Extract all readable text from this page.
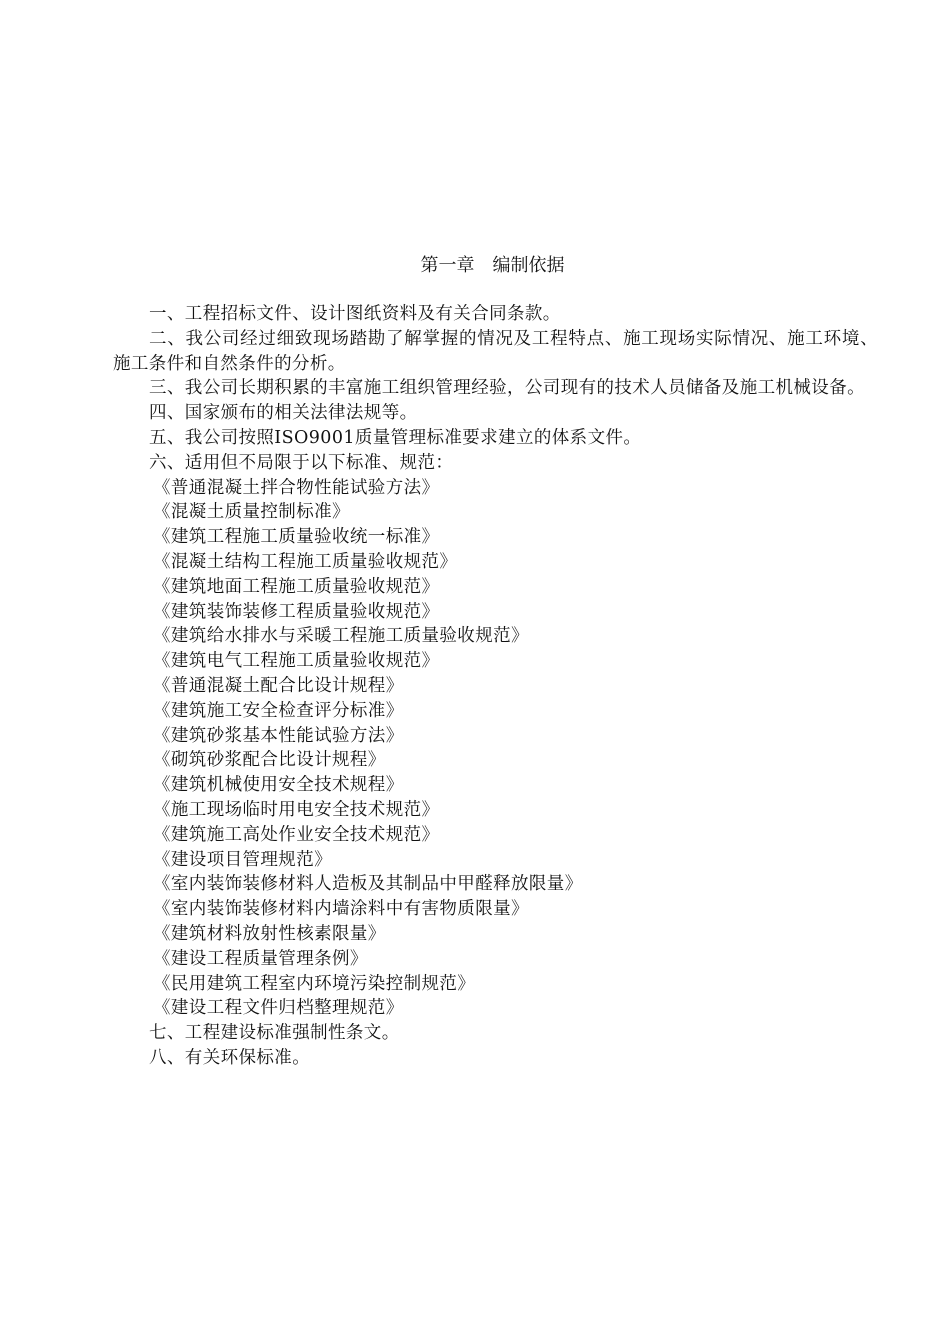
第一章　编制依据

一、工程招标文件、设计图纸资料及有关合同条款。

二、我公司经过细致现场踏勘了解掌握的情况及工程特点、施工现场实际情况、施工环境、施工条件和自然条件的分析。

三、我公司长期积累的丰富施工组织管理经验，公司现有的技术人员储备及施工机械设备。

四、国家颁布的相关法律法规等。

五、我公司按照ISO9001质量管理标准要求建立的体系文件。

六、适用但不局限于以下标准、规范：

《普通混凝土拌合物性能试验方法》

《混凝土质量控制标准》

《建筑工程施工质量验收统一标准》

《混凝土结构工程施工质量验收规范》

《建筑地面工程施工质量验收规范》

《建筑装饰装修工程质量验收规范》

《建筑给水排水与采暖工程施工质量验收规范》

《建筑电气工程施工质量验收规范》

《普通混凝土配合比设计规程》

《建筑施工安全检查评分标准》

《建筑砂浆基本性能试验方法》

《砌筑砂浆配合比设计规程》

《建筑机械使用安全技术规程》

《施工现场临时用电安全技术规范》

《建筑施工高处作业安全技术规范》

《建设项目管理规范》

《室内装饰装修材料人造板及其制品中甲醛释放限量》

《室内装饰装修材料内墙涂料中有害物质限量》

《建筑材料放射性核素限量》

《建设工程质量管理条例》

《民用建筑工程室内环境污染控制规范》

《建设工程文件归档整理规范》

七、工程建设标准强制性条文。

八、有关环保标准。
